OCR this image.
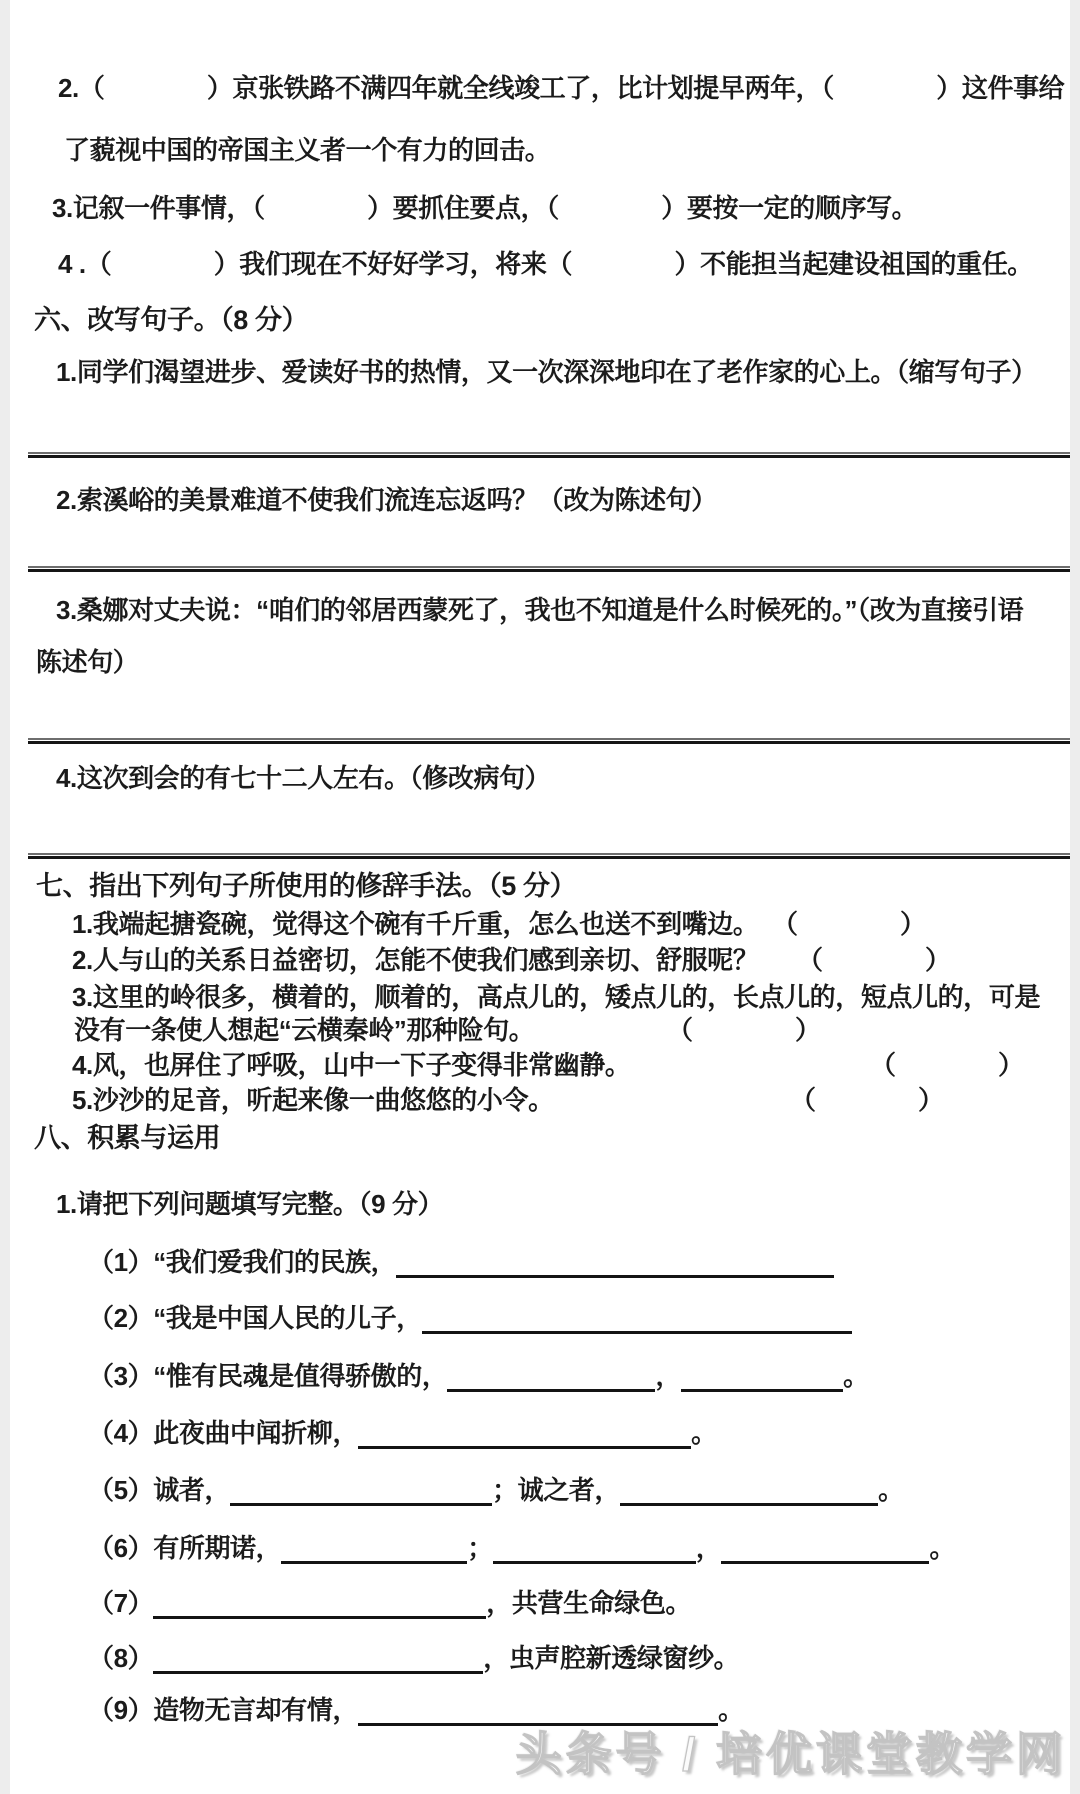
2.（　　　　）京张铁路不满四年就全线竣工了，比计划提早两年，（　　　　）这件事给
了藐视中国的帝国主义者一个有力的回击。
3.记叙一件事情，（　　　　）要抓住要点，（　　　　）要按一定的顺序写。
4 .（　　　　）我们现在不好好学习，将来（　　　　）不能担当起建设祖国的重任。
六、改写句子。（8 分）
1.同学们渴望进步、爱读好书的热情，又一次深深地印在了老作家的心上。（缩写句子）
2.索溪峪的美景难道不使我们流连忘返吗？（改为陈述句）
3.桑娜对丈夫说：“咱们的邻居西蒙死了，我也不知道是什么时候死的。”（改为直接引语
陈述句）
4.这次到会的有七十二人左右。（修改病句）
七、指出下列句子所使用的修辞手法。（5 分）
1.我端起搪瓷碗，觉得这个碗有千斤重，怎么也送不到嘴边。 （　　　　）
2.人与山的关系日益密切，怎能不使我们感到亲切、舒服呢？ （　　　　）
3.这里的岭很多，横着的，顺着的，高点儿的，矮点儿的，长点儿的，短点儿的，可是
没有一条使人想起“云横秦岭”那种险句。	（　　　　）
4.风，也屏住了呼吸，山中一下子变得非常幽静。	（　　　　）
5.沙沙的足音，听起来像一曲悠悠的小令。	（　　　　）
八、积累与运用
1.请把下列问题填写完整。（9 分）
（1）“我们爱我们的民族，
（2）“我是中国人民的儿子，
（3）“惟有民魂是值得骄傲的，	，	。
（4）此夜曲中闻折柳，	。
（5）诚者，	；诚之者，	。
（6）有所期诺，	；	，	。
（7）	，共营生命绿色。
（8）	，虫声腔新透绿窗纱。
（9）造物无言却有情，	。
头条号 / 培优课堂教学网
